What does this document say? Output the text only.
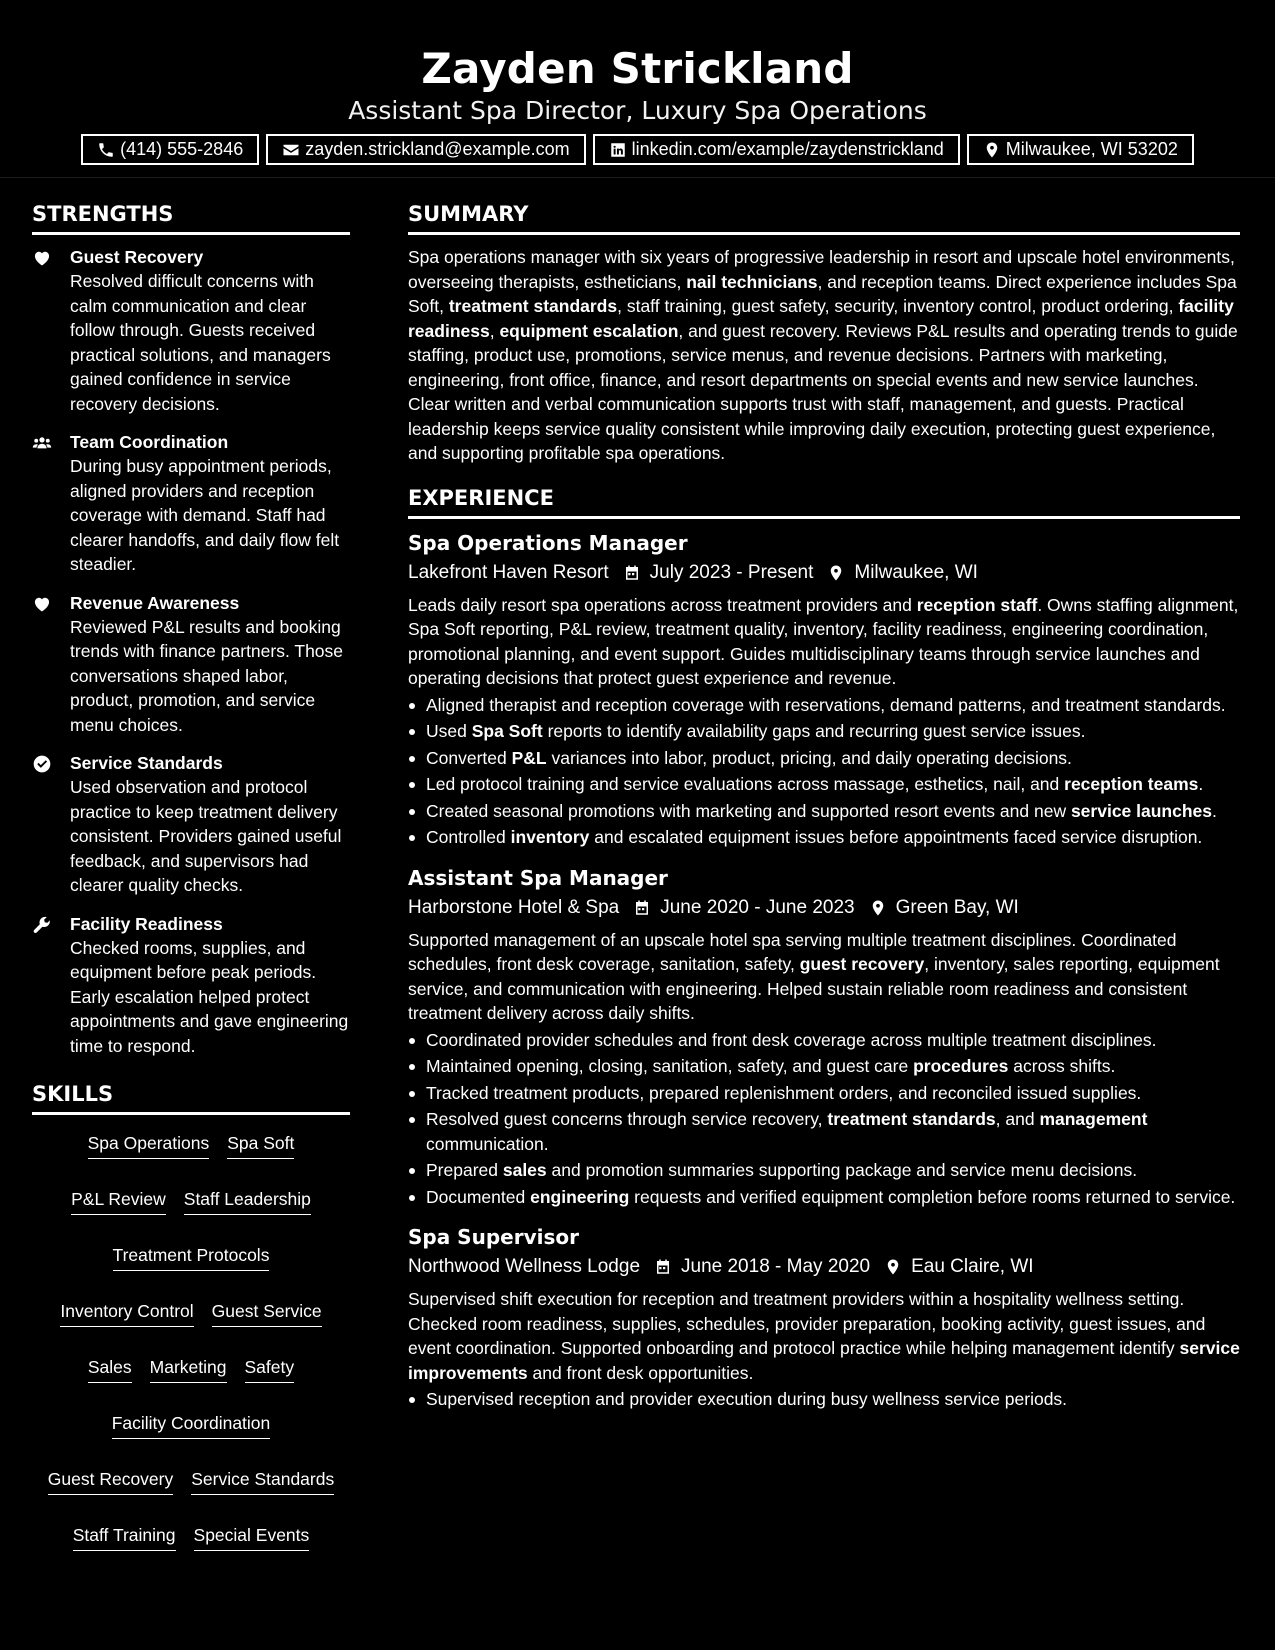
Zayden Strickland
Assistant Spa Director, Luxury Spa Operations
(414) 555-2846	zayden.strickland@example.com	linkedin.com/example/zaydenstrickland	Milwaukee, WI 53202
STRENGTHS
Guest Recovery
Resolved difficult concerns with calm communication and clear follow through. Guests received practical solutions, and managers gained confidence in service recovery decisions.
Team Coordination
During busy appointment periods, aligned providers and reception coverage with demand. Staff had clearer handoffs, and daily flow felt steadier.
Revenue Awareness
Reviewed P&L results and booking trends with finance partners. Those conversations shaped labor, product, promotion, and service menu choices.
Service Standards
Used observation and protocol practice to keep treatment delivery consistent. Providers gained useful feedback, and supervisors had clearer quality checks.
Facility Readiness
Checked rooms, supplies, and equipment before peak periods. Early escalation helped protect appointments and gave engineering time to respond.
SKILLS
Spa Operations Spa Soft
P&L Review Staff Leadership
Treatment Protocols
Inventory Control Guest Service
Sales Marketing Safety
Facility Coordination
Guest Recovery Service Standards
Staff Training Special Events
SUMMARY
Spa operations manager with six years of progressive leadership in resort and upscale hotel environments, overseeing therapists, estheticians, nail technicians, and reception teams. Direct experience includes Spa Soft, treatment standards, staff training, guest safety, security, inventory control, product ordering, facility readiness, equipment escalation, and guest recovery. Reviews P&L results and operating trends to guide staffing, product use, promotions, service menus, and revenue decisions. Partners with marketing, engineering, front office, finance, and resort departments on special events and new service launches. Clear written and verbal communication supports trust with staff, management, and guests. Practical leadership keeps service quality consistent while improving daily execution, protecting guest experience, and supporting profitable spa operations.
EXPERIENCE
Spa Operations Manager
Lakefront Haven Resort July 2023 - Present Milwaukee, WI
Leads daily resort spa operations across treatment providers and reception staff. Owns staffing alignment, Spa Soft reporting, P&L review, treatment quality, inventory, facility readiness, engineering coordination, promotional planning, and event support. Guides multidisciplinary teams through service launches and operating decisions that protect guest experience and revenue.
Aligned therapist and reception coverage with reservations, demand patterns, and treatment standards.
Used Spa Soft reports to identify availability gaps and recurring guest service issues.
Converted P&L variances into labor, product, pricing, and daily operating decisions.
Led protocol training and service evaluations across massage, esthetics, nail, and reception teams.
Created seasonal promotions with marketing and supported resort events and new service launches.
Controlled inventory and escalated equipment issues before appointments faced service disruption.
Assistant Spa Manager
Harborstone Hotel & Spa June 2020 - June 2023 Green Bay, WI
Supported management of an upscale hotel spa serving multiple treatment disciplines. Coordinated schedules, front desk coverage, sanitation, safety, guest recovery, inventory, sales reporting, equipment service, and communication with engineering. Helped sustain reliable room readiness and consistent treatment delivery across daily shifts.
Coordinated provider schedules and front desk coverage across multiple treatment disciplines.
Maintained opening, closing, sanitation, safety, and guest care procedures across shifts.
Tracked treatment products, prepared replenishment orders, and reconciled issued supplies.
Resolved guest concerns through service recovery, treatment standards, and management communication.
Prepared sales and promotion summaries supporting package and service menu decisions.
Documented engineering requests and verified equipment completion before rooms returned to service.
Spa Supervisor
Northwood Wellness Lodge June 2018 - May 2020 Eau Claire, WI
Supervised shift execution for reception and treatment providers within a hospitality wellness setting. Checked room readiness, supplies, schedules, provider preparation, booking activity, guest issues, and event coordination. Supported onboarding and protocol practice while helping management identify service improvements and front desk opportunities.
Supervised reception and provider execution during busy wellness service periods.
